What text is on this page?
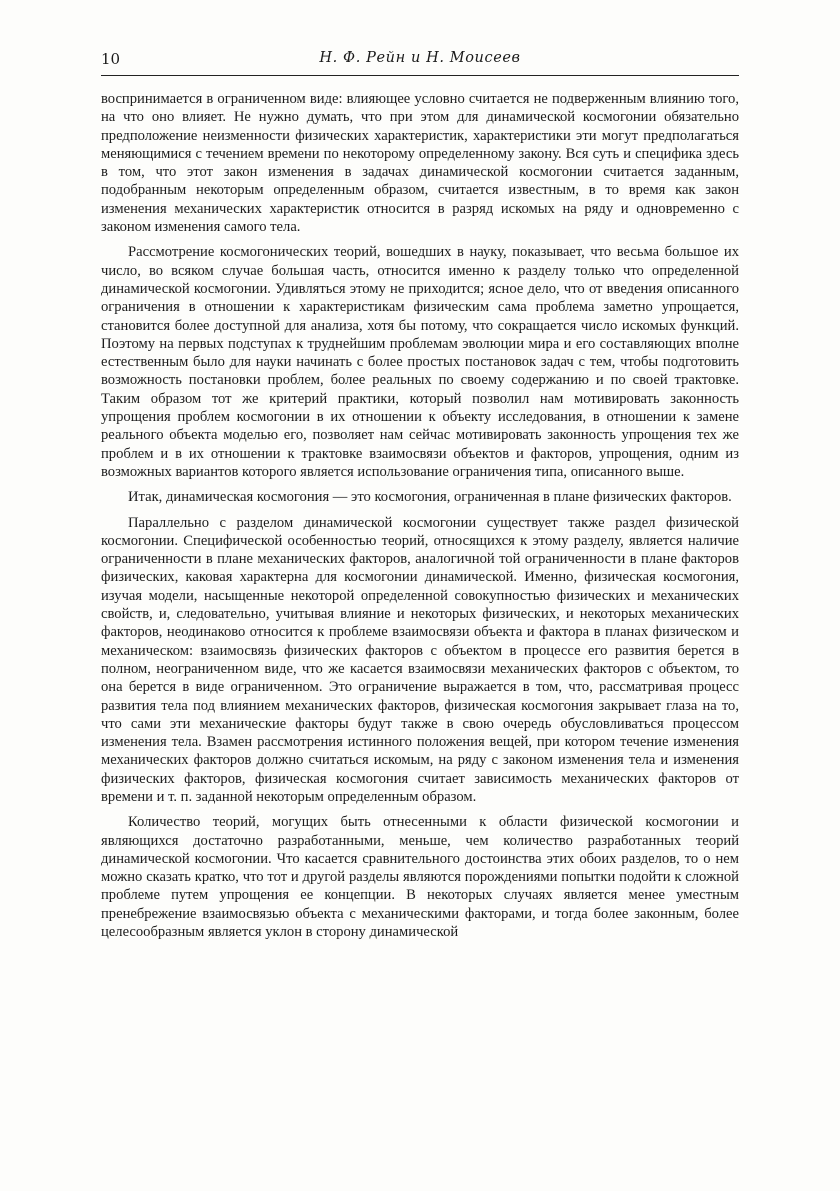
10	Н. Ф. Рейн и Н. Моисеев

воспринимается в ограниченном виде: влияющее условно считается не подверженным влиянию того, на что оно влияет. Не нужно думать, что при этом для динамической космогонии обязательно предположение неизменности физических характеристик, характеристики эти могут предполагаться меняющимися с течением времени по некоторому определенному закону. Вся суть и специфика здесь в том, что этот закон изменения в задачах динамической космогонии считается заданным, подобранным некоторым определенным образом, считается известным, в то время как закон изменения механических характеристик относится в разряд искомых на ряду и одновременно с законом изменения самого тела.

Рассмотрение космогонических теорий, вошедших в науку, показывает, что весьма большое их число, во всяком случае большая часть, относится именно к разделу только что определенной динамической космогонии. Удивляться этому не приходится; ясное дело, что от введения описанного ограничения в отношении к характеристикам физическим сама проблема заметно упрощается, становится более доступной для анализа, хотя бы потому, что сокращается число искомых функций. Поэтому на первых подступах к труднейшим проблемам эволюции мира и его составляющих вполне естественным было для науки начинать с более простых постановок задач с тем, чтобы подготовить возможность постановки проблем, более реальных по своему содержанию и по своей трактовке. Таким образом тот же критерий практики, который позволил нам мотивировать законность упрощения проблем космогонии в их отношении к объекту исследования, в отношении к замене реального объекта моделью его, позволяет нам сейчас мотивировать законность упрощения тех же проблем и в их отношении к трактовке взаимосвязи объектов и факторов, упрощения, одним из возможных вариантов которого является использование ограничения типа, описанного выше.

Итак, динамическая космогония — это космогония, ограниченная в плане физических факторов.

Параллельно с разделом динамической космогонии существует также раздел физической космогонии. Специфической особенностью теорий, относящихся к этому разделу, является наличие ограниченности в плане механических факторов, аналогичной той ограниченности в плане факторов физических, каковая характерна для космогонии динамической. Именно, физическая космогония, изучая модели, насыщенные некоторой определенной совокупностью физических и механических свойств, и, следовательно, учитывая влияние и некоторых физических, и некоторых механических факторов, неодинаково относится к проблеме взаимосвязи объекта и фактора в планах физическом и механическом: взаимосвязь физических факторов с объектом в процессе его развития берется в полном, неограниченном виде, что же касается взаимосвязи механических факторов с объектом, то она берется в виде ограниченном. Это ограничение выражается в том, что, рассматривая процесс развития тела под влиянием механических факторов, физическая космогония закрывает глаза на то, что сами эти механические факторы будут также в свою очередь обусловливаться процессом изменения тела. Взамен рассмотрения истинного положения вещей, при котором течение изменения механических факторов должно считаться искомым, на ряду с законом изменения тела и изменения физических факторов, физическая космогония считает зависимость механических факторов от времени и т. п. заданной некоторым определенным образом.

Количество теорий, могущих быть отнесенными к области физической космогонии и являющихся достаточно разработанными, меньше, чем количество разработанных теорий динамической космогонии. Что касается сравнительного достоинства этих обоих разделов, то о нем можно сказать кратко, что тот и другой разделы являются порождениями попытки подойти к сложной проблеме путем упрощения ее концепции. В некоторых случаях является менее уместным пренебрежение взаимосвязью объекта с механическими факторами, и тогда более законным, более целесообразным является уклон в сторону динамической
